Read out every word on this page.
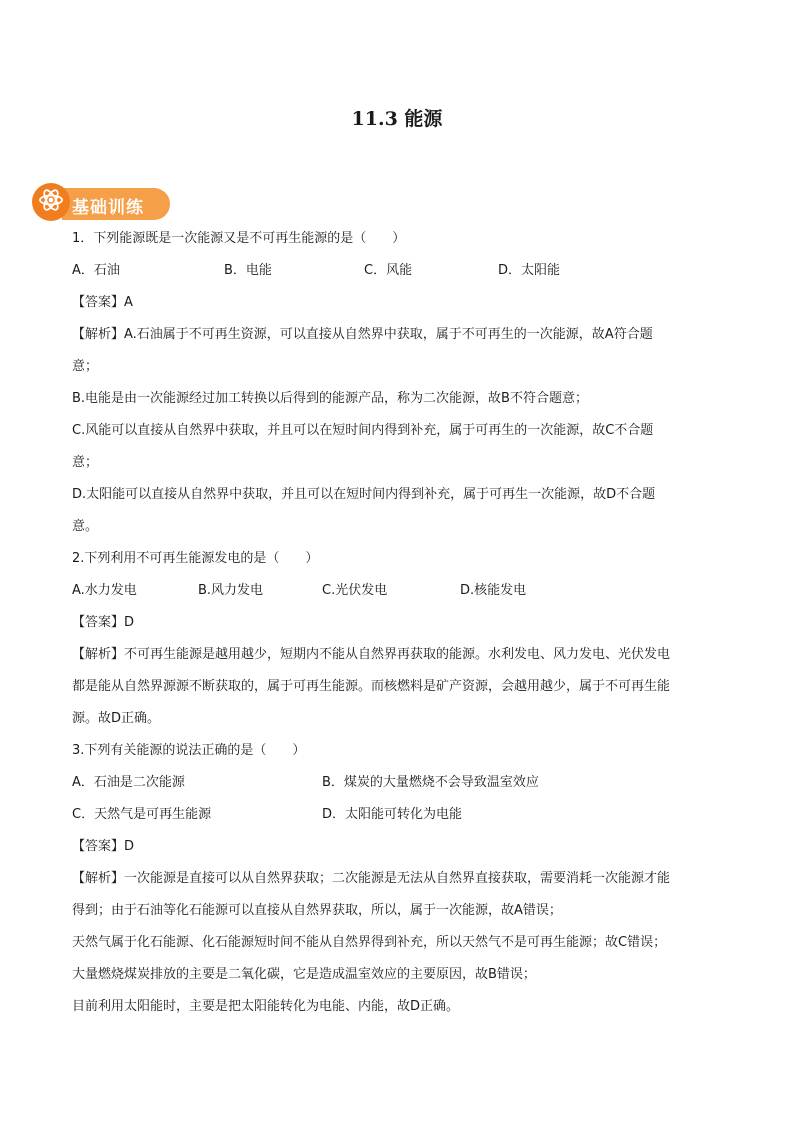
11.3 能源
基础训练
1．下列能源既是一次能源又是不可再生能源的是（　　）
A．石油	B．电能	C．风能	D．太阳能
【答案】A
【解析】A.石油属于不可再生资源，可以直接从自然界中获取，属于不可再生的一次能源，故A符合题
意；
B.电能是由一次能源经过加工转换以后得到的能源产品，称为二次能源，故B不符合题意；
C.风能可以直接从自然界中获取，并且可以在短时间内得到补充，属于可再生的一次能源，故C不合题
意；
D.太阳能可以直接从自然界中获取，并且可以在短时间内得到补充，属于可再生一次能源，故D不合题
意。
2.下列利用不可再生能源发电的是（　　）
A.水力发电	B.风力发电	C.光伏发电	D.核能发电
【答案】D
【解析】不可再生能源是越用越少，短期内不能从自然界再获取的能源。水利发电、风力发电、光伏发电
都是能从自然界源源不断获取的，属于可再生能源。而核燃料是矿产资源，会越用越少，属于不可再生能
源。故D正确。
3.下列有关能源的说法正确的是（　　）
A．石油是二次能源	B．煤炭的大量燃烧不会导致温室效应
C．天然气是可再生能源	D．太阳能可转化为电能
【答案】D
【解析】一次能源是直接可以从自然界获取；二次能源是无法从自然界直接获取，需要消耗一次能源才能
得到；由于石油等化石能源可以直接从自然界获取，所以，属于一次能源，故A错误；
天然气属于化石能源、化石能源短时间不能从自然界得到补充，所以天然气不是可再生能源；故C错误；
大量燃烧煤炭排放的主要是二氧化碳，它是造成温室效应的主要原因，故B错误；
目前利用太阳能时，主要是把太阳能转化为电能、内能，故D正确。
